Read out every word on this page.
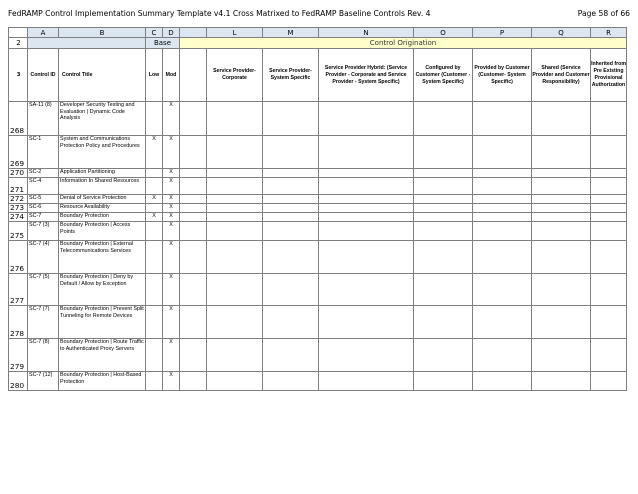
FedRAMP Control Implementation Summary Template v4.1 Cross Matrixed to FedRAMP Baseline Controls Rev. 4	Page 58 of 66
	A	B	C	D		L	M	N	O	P	Q	R
2			Base		Control Origination							
3	Control ID	Control Title	Low	Mod		Service Provider-Corporate	Service Provider-System Specific	Service Provider Hybrid: (Service Provider - Corporate and Service Provider - System Specific)	Configured by Customer (Customer - System Specific)	Provided by Customer (Customer- System Specific)	Shared (Service Provider and Customer Responsibility)	Inherited from Pre Existing Provisional Authorization
268	SA-11 (8)	Developer Security Testing and Evaluation | Dynamic Code Analysis		X								
269	SC-1	System and Communications Protection Policy and Procedures	X	X								
270	SC-2	Application Partitioning		X								
271	SC-4	Information In Shared Resources		X								
272	SC-5	Denial of Service Protection	X	X								
273	SC-6	Resource Availability		X								
274	SC-7	Boundary Protection	X	X								
275	SC-7 (3)	Boundary Protection | Access Points		X								
276	SC-7 (4)	Boundary Protection | External Telecommunications Services		X								
277	SC-7 (5)	Boundary Protection | Deny by Default / Allow by Exception		X								
278	SC-7 (7)	Boundary Protection | Prevent Split Tunneling for Remote Devices		X								
279	SC-7 (8)	Boundary Protection | Route Traffic to Authenticated Proxy Servers		X								
280	SC-7 (12)	Boundary Protection | Host-Based Protection		X								
